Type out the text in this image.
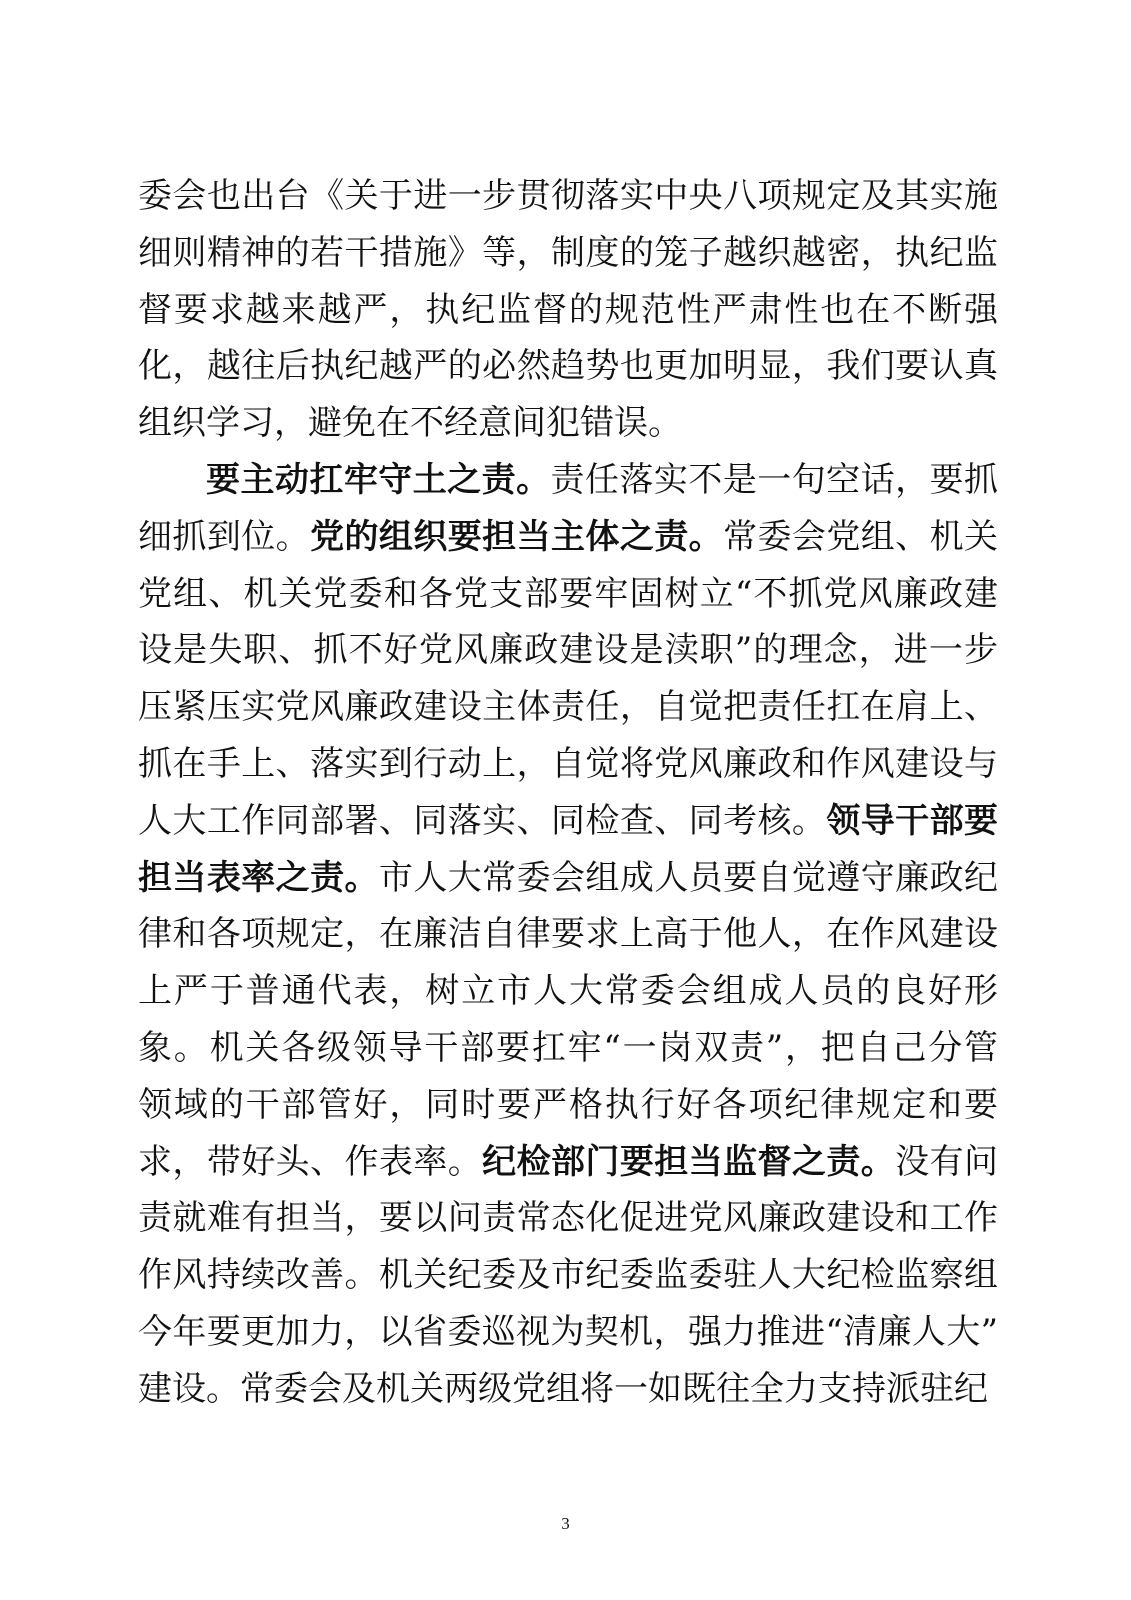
委会也出台《关于进一步贯彻落实中央八项规定及其实施
细则精神的若干措施》等，制度的笼子越织越密，执纪监
督要求越来越严，执纪监督的规范性严肃性也在不断强
化，越往后执纪越严的必然趋势也更加明显，我们要认真
组织学习，避免在不经意间犯错误。
要主动扛牢守土之责。责任落实不是一句空话，要抓
细抓到位。党的组织要担当主体之责。常委会党组、机关
党组、机关党委和各党支部要牢固树立“不抓党风廉政建
设是失职、抓不好党风廉政建设是渎职”的理念，进一步
压紧压实党风廉政建设主体责任，自觉把责任扛在肩上、
抓在手上、落实到行动上，自觉将党风廉政和作风建设与
人大工作同部署、同落实、同检查、同考核。领导干部要
担当表率之责。市人大常委会组成人员要自觉遵守廉政纪
律和各项规定，在廉洁自律要求上高于他人，在作风建设
上严于普通代表，树立市人大常委会组成人员的良好形
象。机关各级领导干部要扛牢“一岗双责”，把自己分管
领域的干部管好，同时要严格执行好各项纪律规定和要
求，带好头、作表率。纪检部门要担当监督之责。没有问
责就难有担当，要以问责常态化促进党风廉政建设和工作
作风持续改善。机关纪委及市纪委监委驻人大纪检监察组
今年要更加力，以省委巡视为契机，强力推进“清廉人大”
建设。常委会及机关两级党组将一如既往全力支持派驻纪
3
